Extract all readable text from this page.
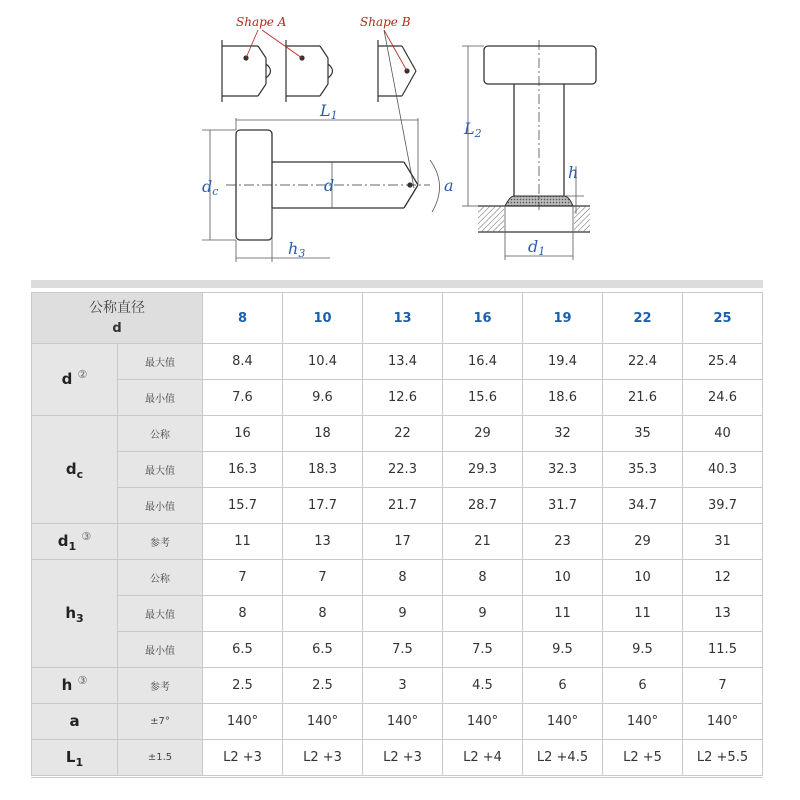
Shape A	Shape B
L1
dc	d	a
h3
L2
h
d1
公称直径
d		8	10	13	16	19	22	25
d ②	最大值	8.4	10.4	13.4	16.4	19.4	22.4	25.4
	最小值	7.6	9.6	12.6	15.6	18.6	21.6	24.6
$d_c$	公称	16	18	22	29	32	35	40
	最大值	16.3	18.3	22.3	29.3	32.3	35.3	40.3
	最小值	15.7	17.7	21.7	28.7	31.7	34.7	39.7
$d_1$ ③	参考	11	13	17	21	23	29	31
$h_3$	公称	7	7	8	8	10	10	12
	最大值	8	8	9	9	11	11	13
	最小值	6.5	6.5	7.5	7.5	9.5	9.5	11.5
h ③	参考	2.5	2.5	3	4.5	6	6	7
a	±7°	140°	140°	140°	140°	140°	140°	140°
$L_1$	±1.5	L2 +3	L2 +3	L2 +3	L2 +4	L2 +4.5	L2 +5	L2 +5.5
